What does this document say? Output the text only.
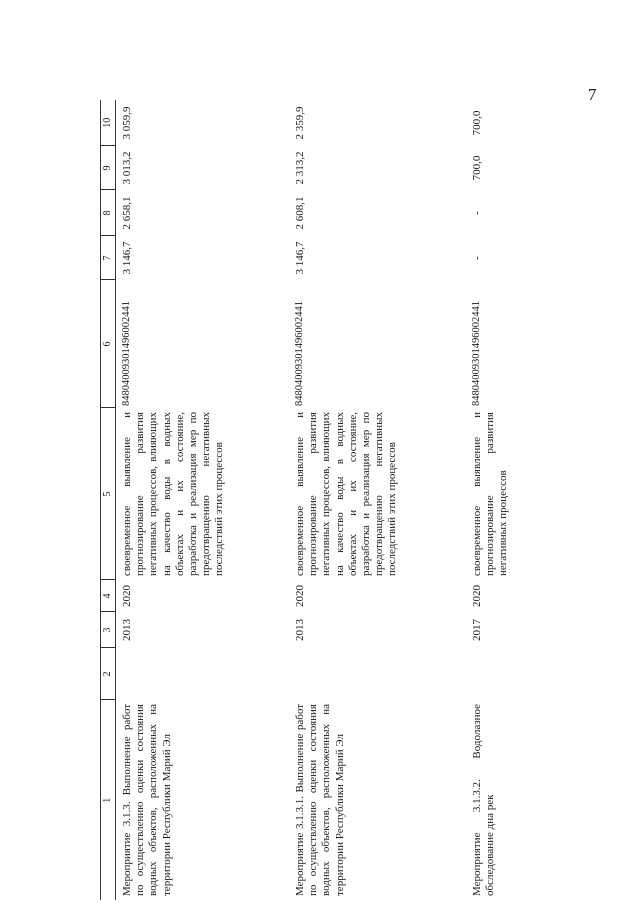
7
1	2	3	4	5	6	7	8	9	10
Мероприятие 3.1.3. Выполнение работ по осуществлению оценки состояния водных объектов, расположенных на территории Республики Марий Эл		2013	2020	своевременное выявление и прогнозирование развития негативных процессов, влияющих на качество воды в водных объектах и их состояние, разработка и реализация мер по предотвращению негативных последствий этих процессов	84804009301496002441	3 146,7	2 658,1	3 013,2	3 059,9
Мероприятие 3.1.3.1. Выполнение работ по осуществлению оценки состояния водных объектов, расположенных на территории Республики Марий Эл		2013	2020	своевременное выявление и прогнозирование развития негативных процессов, влияющих на качество воды в водных объектах и их состояние, разработка и реализация мер по предотвращению негативных последствий этих процессов	84804009301496002441	3 146,7	2 608,1	2 313,2	2 359,9
Мероприятие 3.1.3.2. Водолазное обследование дна рек		2017	2020	своевременное выявление и прогнозирование развития негативных процессов	84804009301496002441	-	-	700,0	700,0
